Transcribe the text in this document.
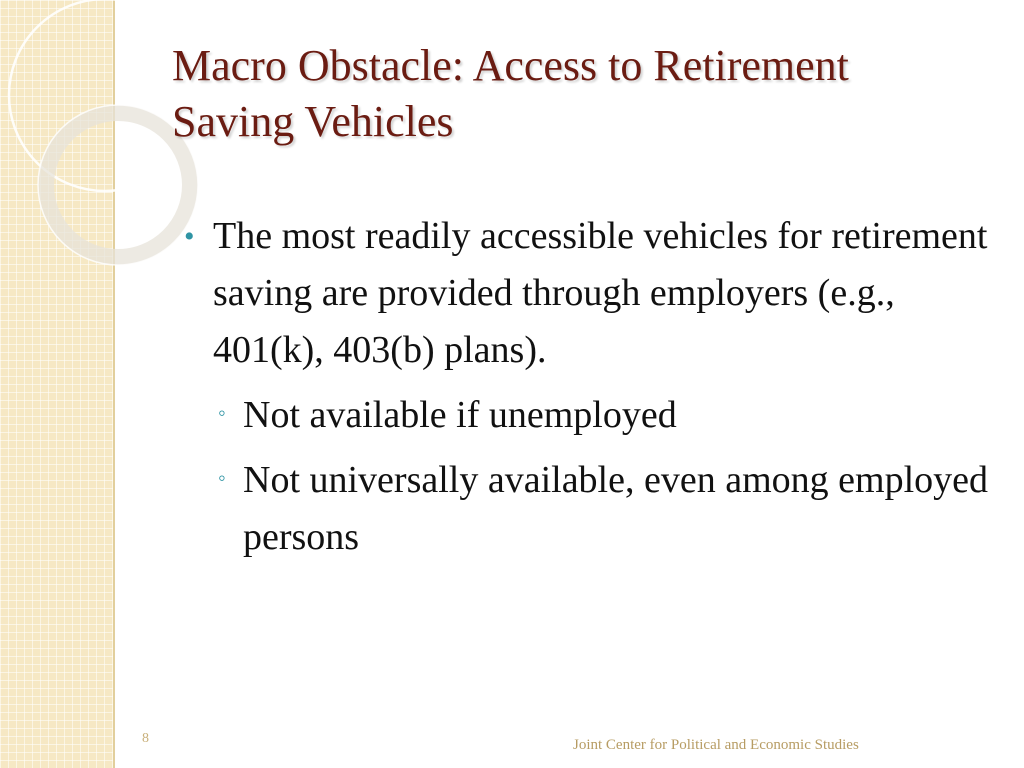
Macro Obstacle: Access to Retirement Saving Vehicles

• The most readily accessible vehicles for retirement saving are provided through employers (e.g., 401(k), 403(b) plans).

◦ Not available if unemployed

◦ Not universally available, even among employed persons

8	Joint Center for Political and Economic Studies
